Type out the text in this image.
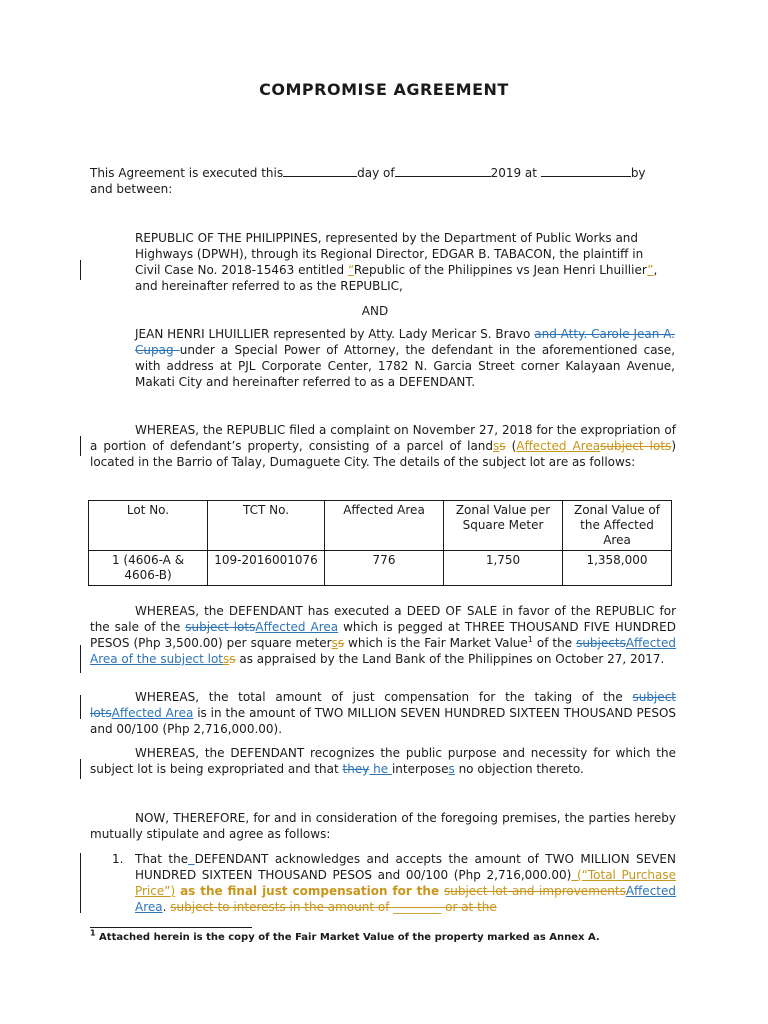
COMPROMISE AGREEMENT
This Agreement is executed this	day of	2019 at	by
and between:
REPUBLIC OF THE PHILIPPINES, represented by the Department of Public Works and
Highways (DPWH), through its Regional Director, EDGAR B. TABACON, the plaintiff in
Civil Case No. 2018-15463 entitled “Republic of the Philippines vs Jean Henri Lhuillier”,
and hereinafter referred to as the REPUBLIC,
AND
JEAN HENRI LHUILLIER represented by Atty. Lady Mericar S. Bravo and Atty. Carole Jean A. Cupag under a Special Power of Attorney, the defendant in the aforementioned case, with address at PJL Corporate Center, 1782 N. Garcia Street corner Kalayaan Avenue, Makati City and hereinafter referred to as a DEFENDANT.
WHEREAS, the REPUBLIC filed a complaint on November 27, 2018 for the expropriation of a portion of defendant’s property, consisting of a parcel of landss (Affected Areasubject lots) located in the Barrio of Talay, Dumaguete City. The details of the subject lot are as follows:
Lot No.	TCT No.	Affected Area	Zonal Value per Square Meter	Zonal Value of the Affected Area
1 (4606-A & 4606-B)	109-2016001076	776	1,750	1,358,000
WHEREAS, the DEFENDANT has executed a DEED OF SALE in favor of the REPUBLIC for the sale of the subject lotsAffected Area which is pegged at THREE THOUSAND FIVE HUNDRED PESOS (Php 3,500.00) per square meterss which is the Fair Market Value$^1$ of the subjectsAffected Area of the subject lotss as appraised by the Land Bank of the Philippines on October 27, 2017.
WHEREAS, the total amount of just compensation for the taking of the subject lotsAffected Area is in the amount of TWO MILLION SEVEN HUNDRED SIXTEEN THOUSAND PESOS and 00/100 (Php 2,716,000.00).
WHEREAS, the DEFENDANT recognizes the public purpose and necessity for which the subject lot is being expropriated and that they he interposes no objection thereto.
NOW, THEREFORE, for and in consideration of the foregoing premises, the parties hereby mutually stipulate and agree as follows:
1. That the DEFENDANT acknowledges and accepts the amount of TWO MILLION SEVEN HUNDRED SIXTEEN THOUSAND PESOS and 00/100 (Php 2,716,000.00) (“Total Purchase Price”) as the final just compensation for the subject lot and improvementsAffected Area. subject to interests in the amount of ________ or at the
$^1$ Attached herein is the copy of the Fair Market Value of the property marked as Annex A.
